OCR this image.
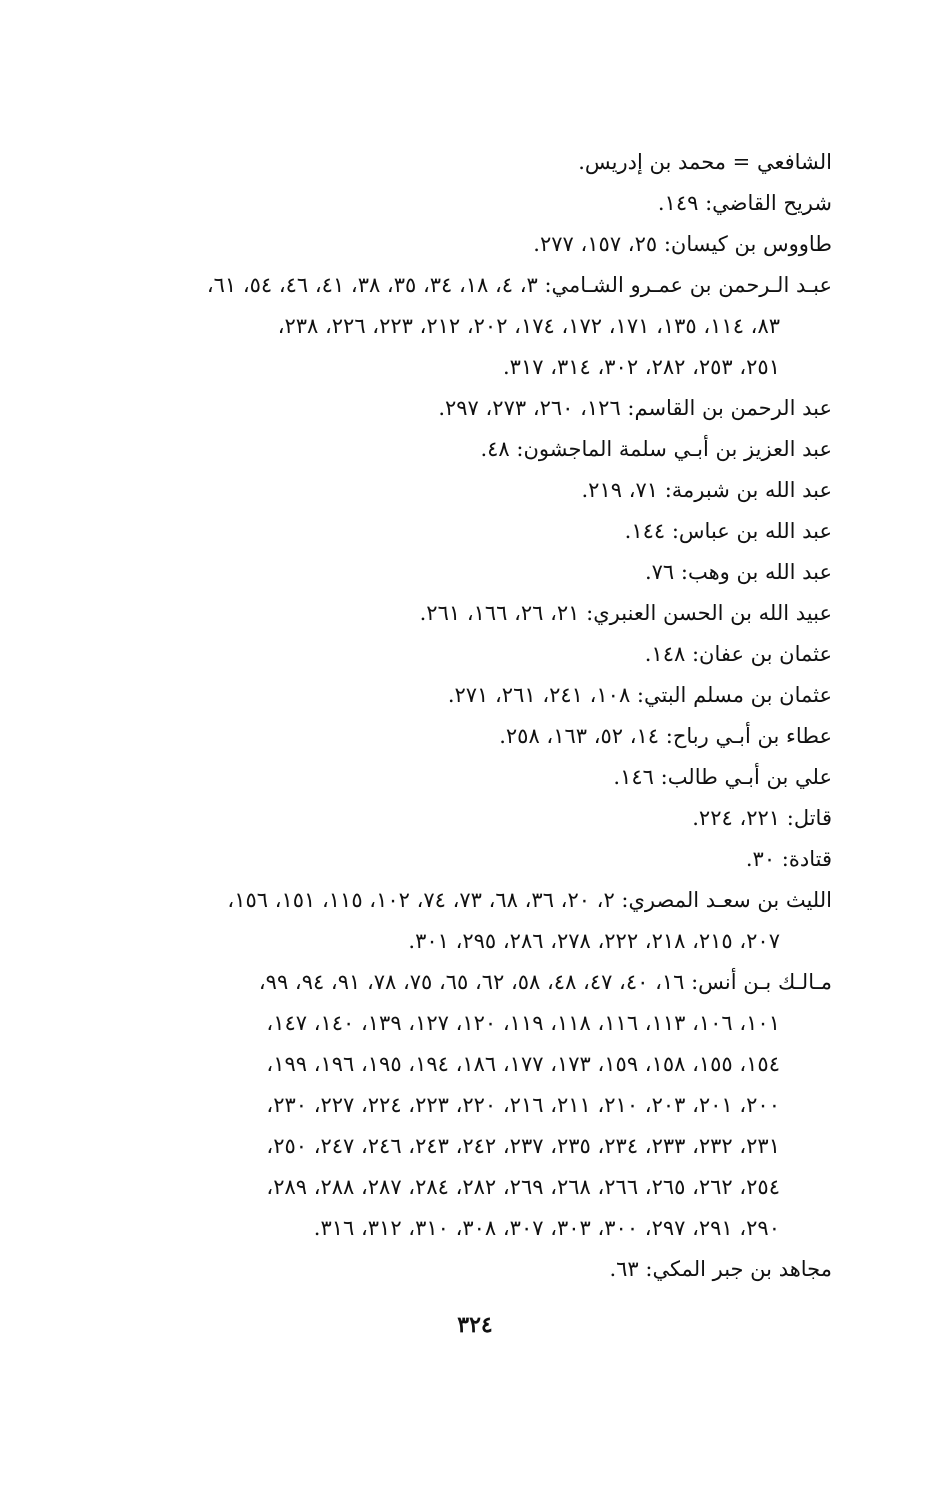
الشافعي = محمد بن إدريس.
شريح القاضي: ١٤٩.
طاووس بن كيسان: ٢٥، ١٥٧، ٢٧٧.
عبـد الـرحمن بن عمـرو الشـامي: ٣، ٤، ١٨، ٣٤، ٣٥، ٣٨، ٤١، ٤٦، ٥٤، ٦١،
٨٣، ١١٤، ١٣٥، ١٧١، ١٧٢، ١٧٤، ٢٠٢، ٢١٢، ٢٢٣، ٢٢٦، ٢٣٨،
٢٥١، ٢٥٣، ٢٨٢، ٣٠٢، ٣١٤، ٣١٧.
عبد الرحمن بن القاسم: ١٢٦، ٢٦٠، ٢٧٣، ٢٩٧.
عبد العزيز بن أبـي سلمة الماجشون: ٤٨.
عبد الله بن شبرمة: ٧١، ٢١٩.
عبد الله بن عباس: ١٤٤.
عبد الله بن وهب: ٧٦.
عبيد الله بن الحسن العنبري: ٢١، ٢٦، ١٦٦، ٢٦١.
عثمان بن عفان: ١٤٨.
عثمان بن مسلم البتي: ١٠٨، ٢٤١، ٢٦١، ٢٧١.
عطاء بن أبـي رباح: ١٤، ٥٢، ١٦٣، ٢٥٨.
علي بن أبـي طالب: ١٤٦.
قاتل: ٢٢١، ٢٢٤.
قتادة: ٣٠.
الليث بن سعـد المصري: ٢، ٢٠، ٣٦، ٦٨، ٧٣، ٧٤، ١٠٢، ١١٥، ١٥١، ١٥٦،
٢٠٧، ٢١٥، ٢١٨، ٢٢٢، ٢٧٨، ٢٨٦، ٢٩٥، ٣٠١.
مـالـك بـن أنس: ١٦، ٤٠، ٤٧، ٤٨، ٥٨، ٦٢، ٦٥، ٧٥، ٧٨، ٩١، ٩٤، ٩٩،
١٠١، ١٠٦، ١١٣، ١١٦، ١١٨، ١١٩، ١٢٠، ١٢٧، ١٣٩، ١٤٠، ١٤٧،
١٥٤، ١٥٥، ١٥٨، ١٥٩، ١٧٣، ١٧٧، ١٨٦، ١٩٤، ١٩٥، ١٩٦، ١٩٩،
٢٠٠، ٢٠١، ٢٠٣، ٢١٠، ٢١١، ٢١٦، ٢٢٠، ٢٢٣، ٢٢٤، ٢٢٧، ٢٣٠،
٢٣١، ٢٣٢، ٢٣٣، ٢٣٤، ٢٣٥، ٢٣٧، ٢٤٢، ٢٤٣، ٢٤٦، ٢٤٧، ٢٥٠،
٢٥٤، ٢٦٢، ٢٦٥، ٢٦٦، ٢٦٨، ٢٦٩، ٢٨٢، ٢٨٤، ٢٨٧، ٢٨٨، ٢٨٩،
٢٩٠، ٢٩١، ٢٩٧، ٣٠٠، ٣٠٣، ٣٠٧، ٣٠٨، ٣١٠، ٣١٢، ٣١٦.
مجاهد بن جبر المكي: ٦٣.
٣٢٤
